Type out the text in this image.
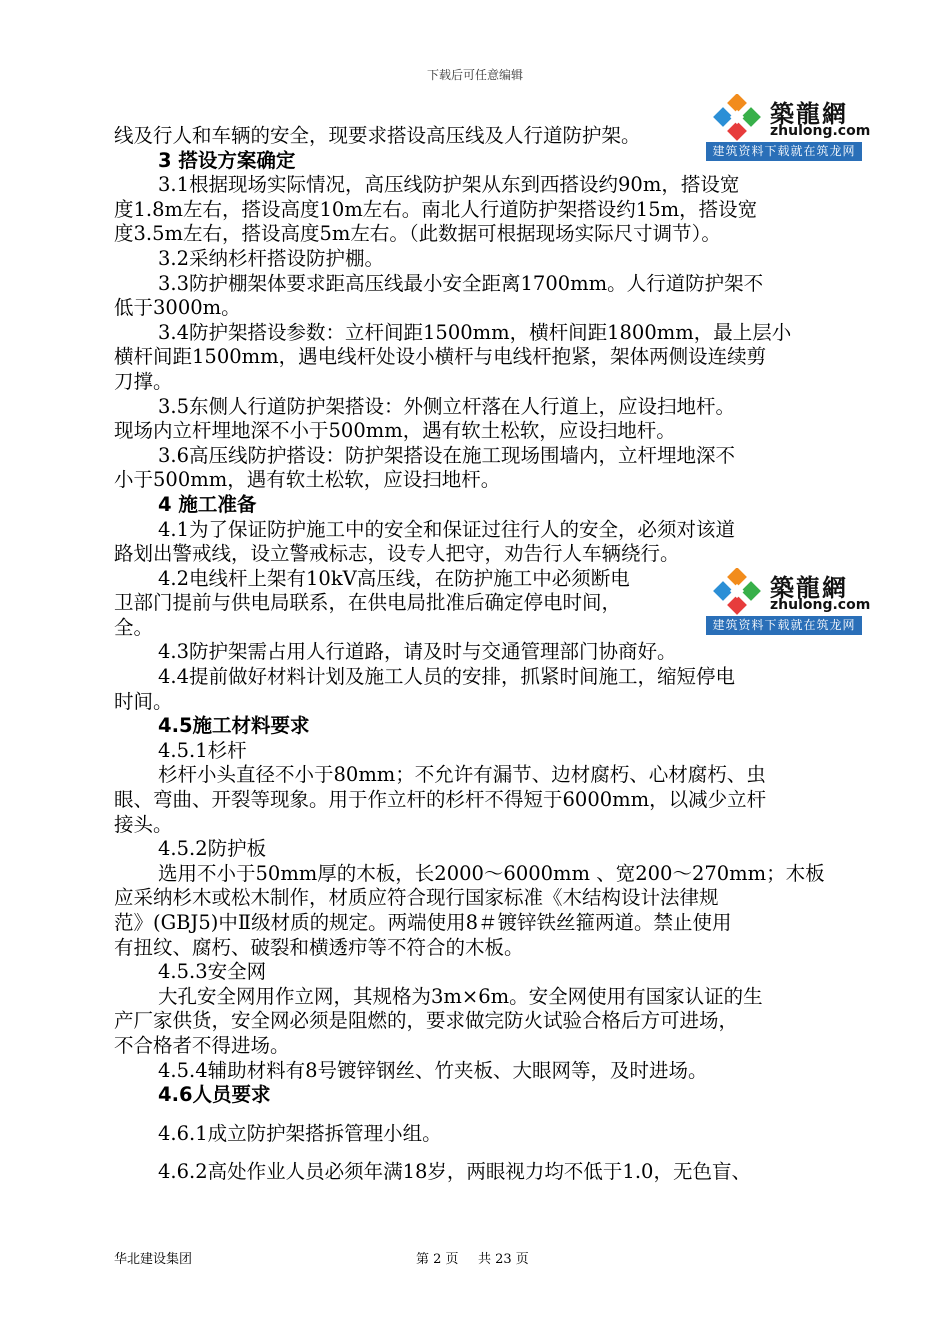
下载后可任意编辑
线及行人和车辆的安全，现要求搭设高压线及人行道防护架。
3 搭设方案确定
3.1根据现场实际情况，高压线防护架从东到西搭设约90m，搭设宽
度1.8m左右，搭设高度10m左右。南北人行道防护架搭设约15m，搭设宽
度3.5m左右，搭设高度5m左右。（此数据可根据现场实际尺寸调节）。
3.2采纳杉杆搭设防护棚。
3.3防护棚架体要求距高压线最小安全距离1700mm。人行道防护架不
低于3000m。
3.4防护架搭设参数：立杆间距1500mm，横杆间距1800mm，最上层小
横杆间距1500mm，遇电线杆处设小横杆与电线杆抱紧，架体两侧设连续剪
刀撑。
3.5东侧人行道防护架搭设：外侧立杆落在人行道上，应设扫地杆。
现场内立杆埋地深不小于500mm，遇有软土松软，应设扫地杆。
3.6高压线防护搭设：防护架搭设在施工现场围墙内，立杆埋地深不
小于500mm，遇有软土松软，应设扫地杆。
4 施工准备
4.1为了保证防护施工中的安全和保证过往行人的安全，必须对该道
路划出警戒线，设立警戒标志，设专人把守，劝告行人车辆绕行。
4.2电线杆上架有10kV高压线，在防护施工中必须断电
卫部门提前与供电局联系，在供电局批准后确定停电时间，
全。
4.3防护架需占用人行道路，请及时与交通管理部门协商好。
4.4提前做好材料计划及施工人员的安排，抓紧时间施工，缩短停电
时间。
4.5施工材料要求
4.5.1杉杆
杉杆小头直径不小于80mm；不允许有漏节、边材腐朽、心材腐朽、虫
眼、弯曲、开裂等现象。用于作立杆的杉杆不得短于6000mm，以减少立杆
接头。
4.5.2防护板
选用不小于50mm厚的木板，长2000～6000mm 、宽200～270mm；木板
应采纳杉木或松木制作，材质应符合现行国家标准《木结构设计法律规
范》(GBJ5)中Ⅱ级材质的规定。两端使用8＃镀锌铁丝箍两道。禁止使用
有扭纹、腐朽、破裂和横透疖等不符合的木板。
4.5.3安全网
大孔安全网用作立网，其规格为3m×6m。安全网使用有国家认证的生
产厂家供货，安全网必须是阻燃的，要求做完防火试验合格后方可进场，
不合格者不得进场。
4.5.4辅助材料有8号镀锌钢丝、竹夹板、大眼网等，及时进场。
4.6人员要求
4.6.1成立防护架搭拆管理小组。
4.6.2高处作业人员必须年满18岁，两眼视力均不低于1.0，无色盲、
築龍網
zhulong.com
建筑资料下载就在筑龙网
築龍網
zhulong.com
建筑资料下载就在筑龙网
华北建设集团	第 2 页 共 23 页
